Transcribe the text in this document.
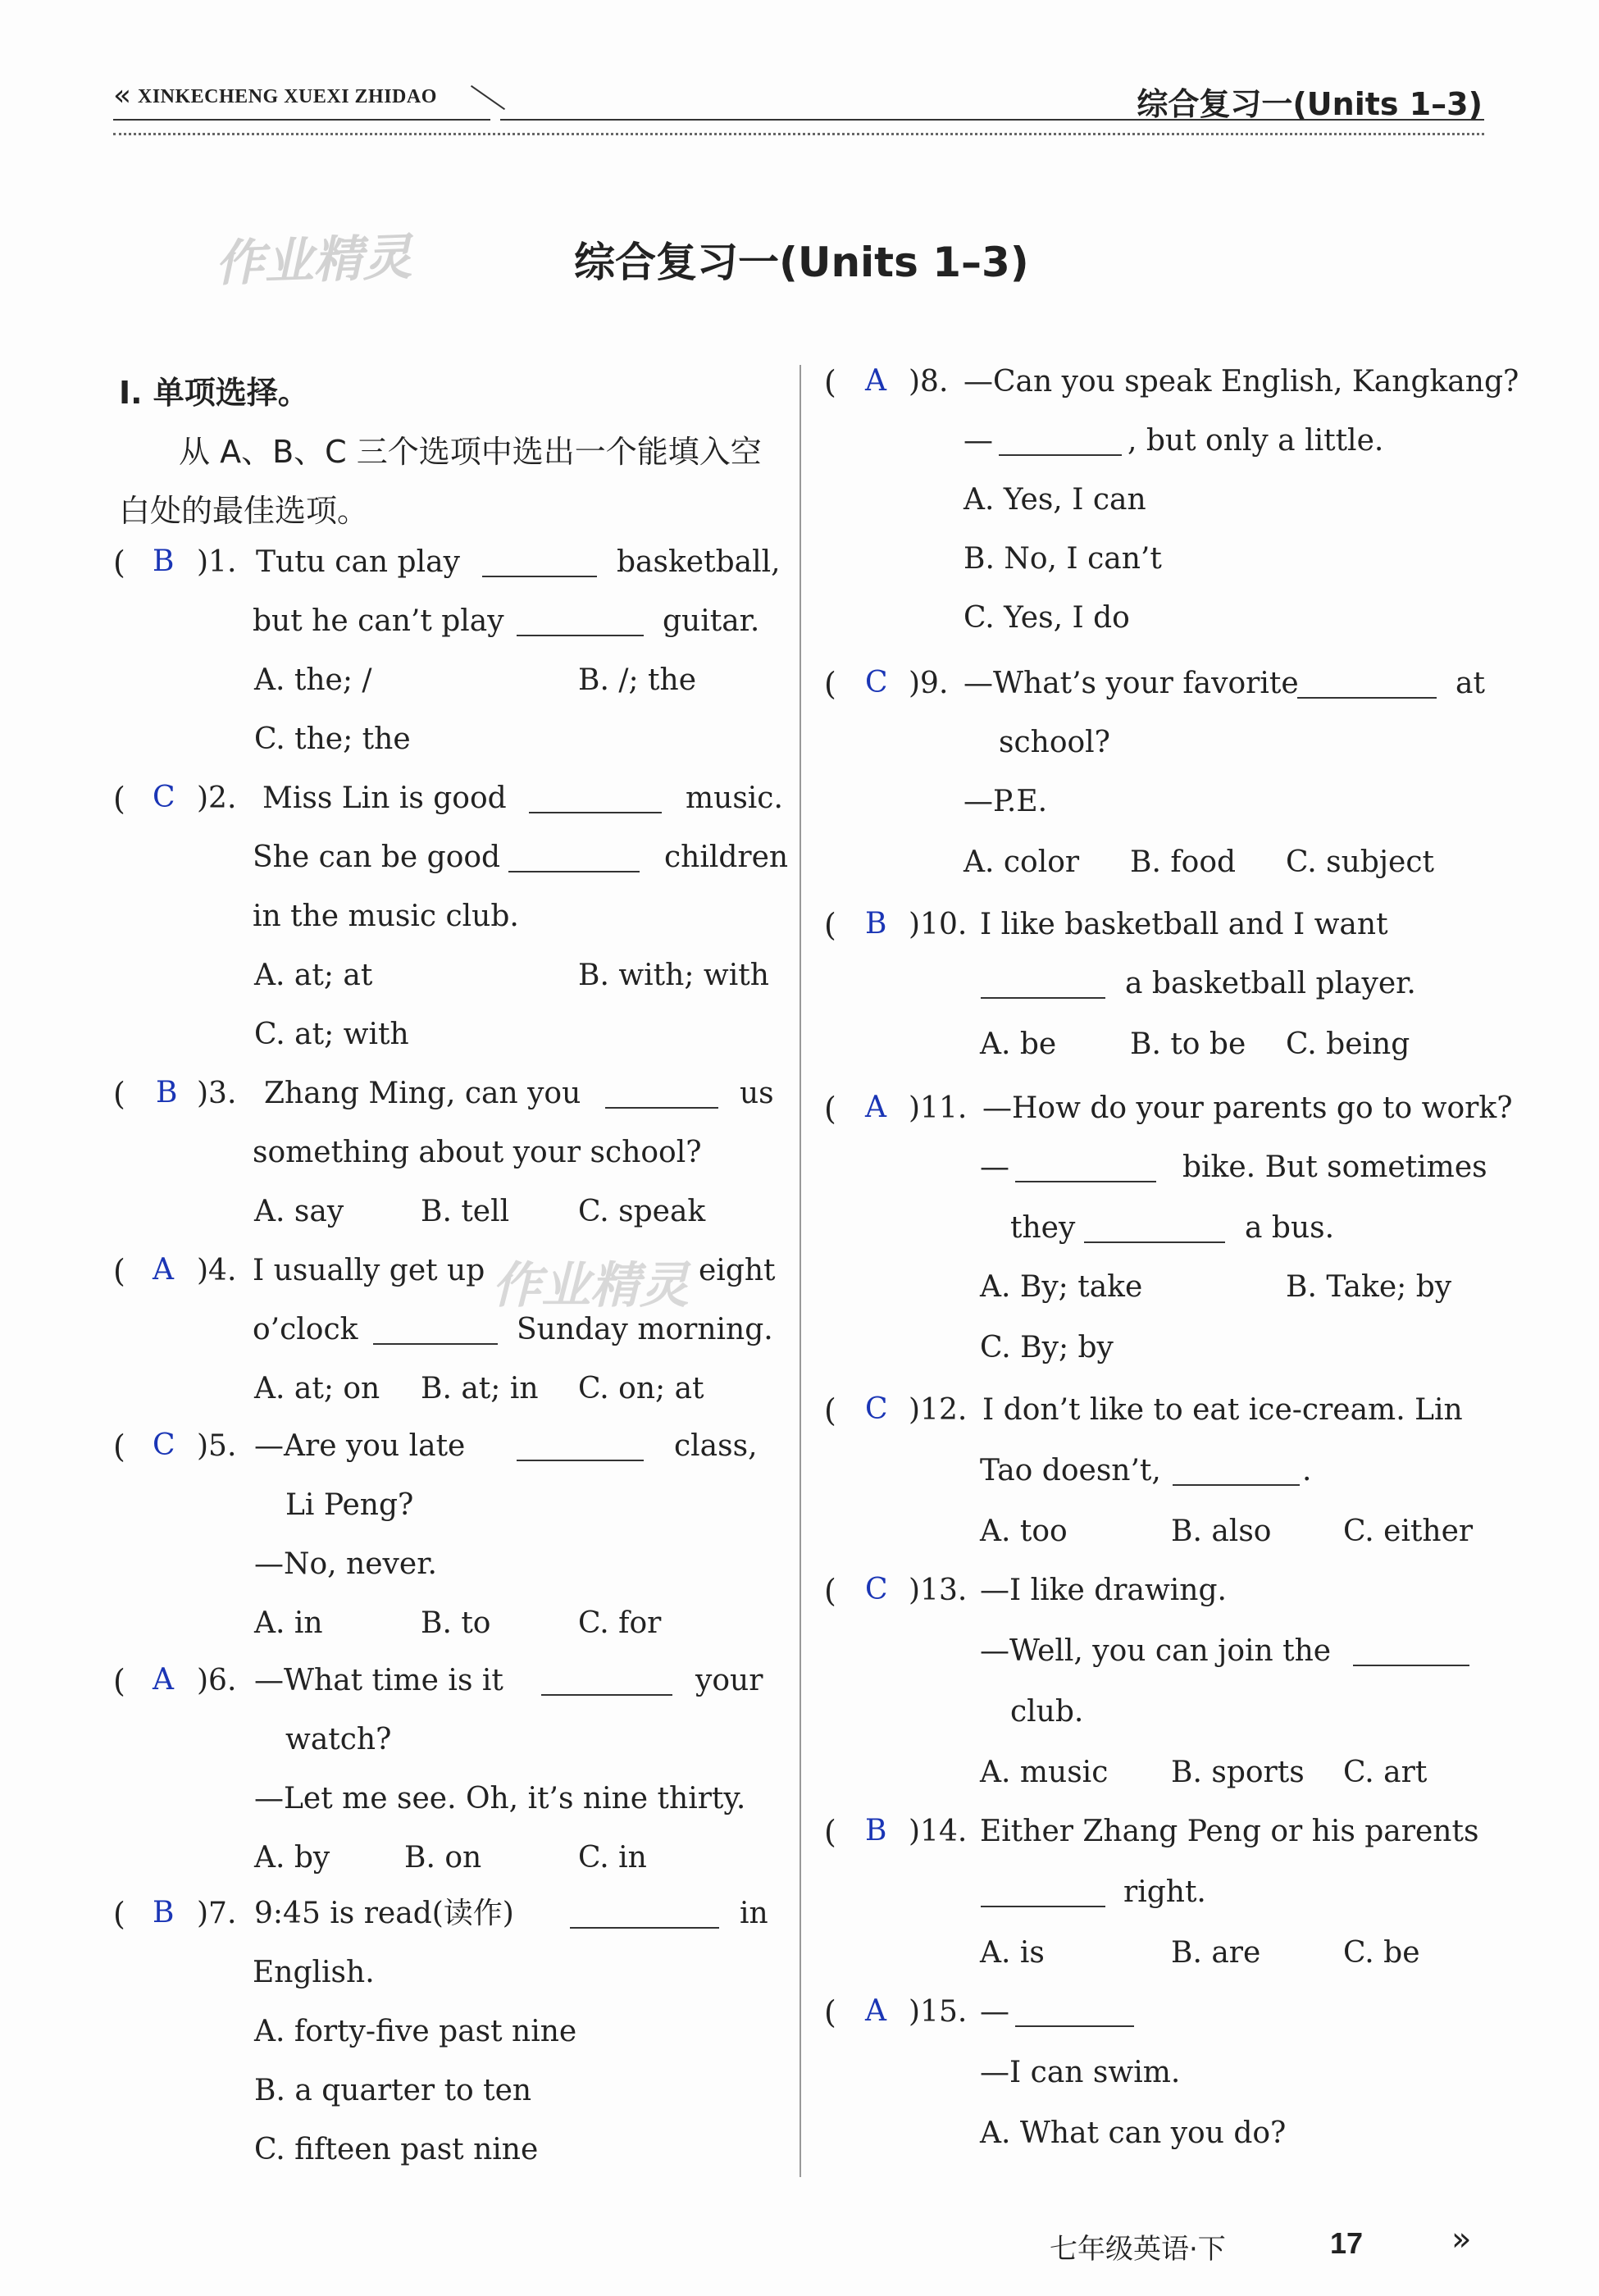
« XINKECHENG XUEXI ZHIDAO	综合复习一(Units 1–3)
作业精灵	综合复习一(Units 1–3)
作业精灵
Ⅰ. 单项选择。
从 A、B、C 三个选项中选出一个能填入空
白处的最佳选项。
( B )1. Tutu can play	basketball,
but he can’t play	guitar.
A. the; /	B. /; the
C. the; the
( C )2. Miss Lin is good	music.
She can be good	children
in the music club.
A. at; at	B. with; with
C. at; with
( B )3. Zhang Ming, can you	us
something about your school?
A. say	B. tell C. speak
( A )4. I usually get up	eight
o’clock	Sunday morning.
A. at; on B. at; in C. on; at
( C )5. —Are you late	class,
Li Peng?
—No, never.
A. in	B. to	C. for
( A )6. —What time is it	your
watch?
—Let me see. Oh, it’s nine thirty.
A. by	B. on	C. in
( B )7. 9:45 is read(读作)	in
English.
A. forty-five past nine
B. a quarter to ten
C. fifteen past nine
( A )8. —Can you speak English, Kangkang?
—	, but only a little.
A. Yes, I can
B. No, I can’t
C. Yes, I do
( C )9. —What’s your favorite	at
school?
—P.E.
A. color B. food C. subject
( B )10. I like basketball and I want
a basketball player.
A. be B. to be C. being
( A )11. —How do your parents go to work?
—	bike. But sometimes
they	a bus.
A. By; take	B. Take; by
C. By; by
( C )12. I don’t like to eat ice-cream. Lin
Tao doesn’t,	.
A. too	B. also C. either
( C )13. —I like drawing.
—Well, you can join the
club.
A. music B. sports C. art
( B )14. Either Zhang Peng or his parents
right.
A. is	B. are	C. be
( A )15. —
—I can swim.
A. What can you do?
七年级英语·下	17	»
